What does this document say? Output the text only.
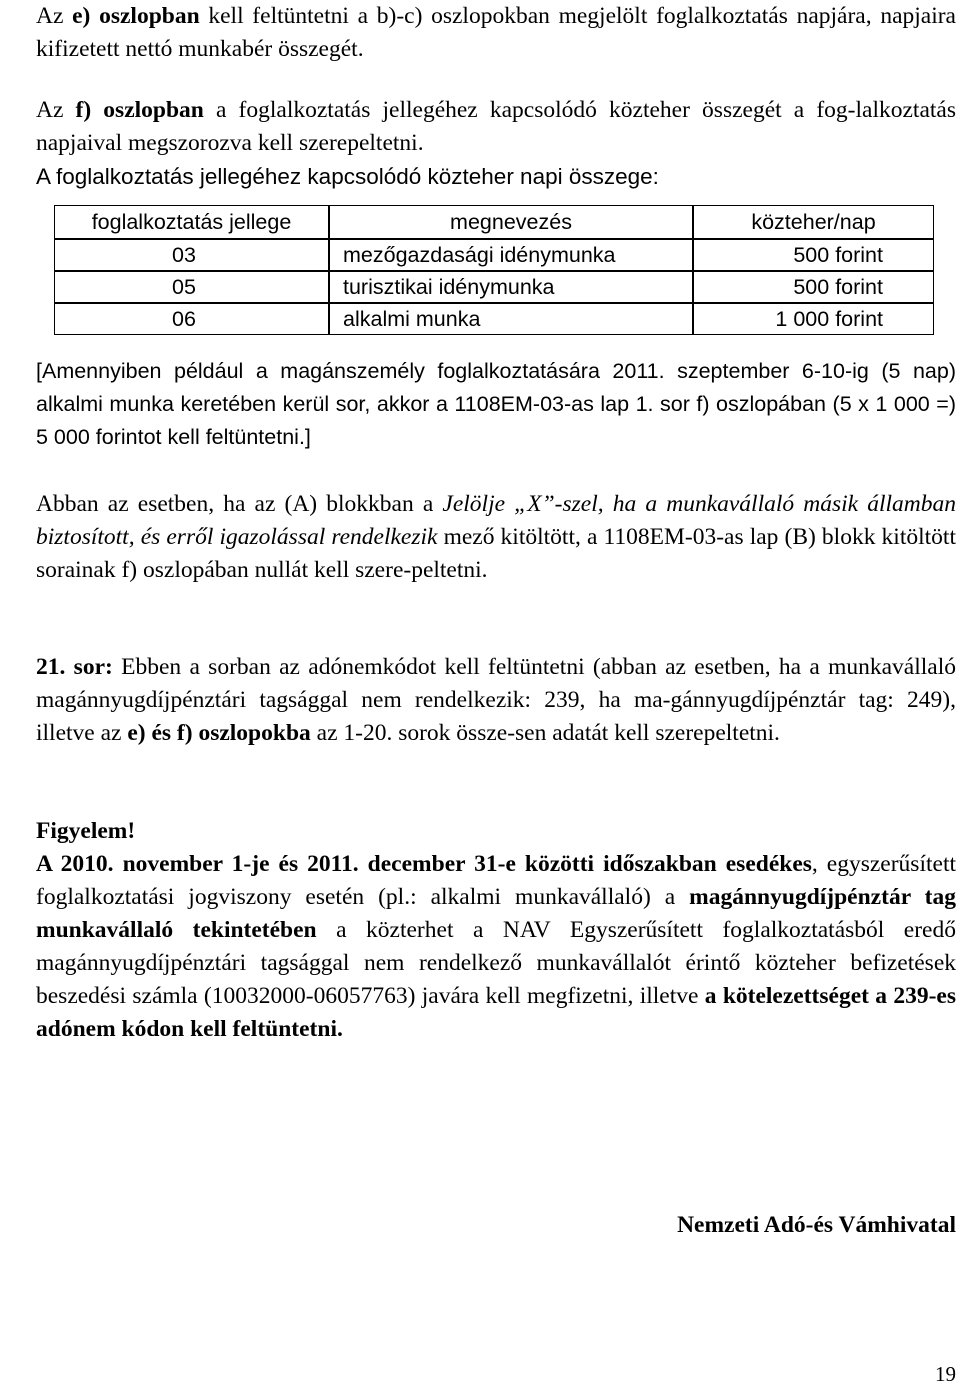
Az e) oszlopban kell feltüntetni a b)-c) oszlopokban megjelölt foglalkoztatás napjára, napjaira kifizetett nettó munkabér összegét.

Az f) oszlopban a foglalkoztatás jellegéhez kapcsolódó közteher összegét a fog-lalkoztatás napjaival megszorozva kell szerepeltetni.

A foglalkoztatás jellegéhez kapcsolódó közteher napi összege:

foglalkoztatás jellege	megnevezés	közteher/nap
03	mezőgazdasági idénymunka	500 forint
05	turisztikai idénymunka	500 forint
06	alkalmi munka	1 000 forint

[Amennyiben például a magánszemély foglalkoztatására 2011. szeptember 6-10-ig (5 nap) alkalmi munka keretében kerül sor, akkor a 1108EM-03-as lap 1. sor f) oszlopában (5 x 1 000 =) 5 000 forintot kell feltüntetni.]

Abban az esetben, ha az (A) blokkban a Jelölje „X”-szel, ha a munkavállaló másik államban biztosított, és erről igazolással rendelkezik mező kitöltött, a 1108EM-03-as lap (B) blokk kitöltött sorainak f) oszlopában nullát kell szere-peltetni.

21. sor: Ebben a sorban az adónemkódot kell feltüntetni (abban az esetben, ha a munkavállaló magánnyugdíjpénztári tagsággal nem rendelkezik: 239, ha ma-gánnyugdíjpénztár tag: 249), illetve az e) és f) oszlopokba az 1-20. sorok össze-sen adatát kell szerepeltetni.

Figyelem!

A 2010. november 1-je és 2011. december 31-e közötti időszakban esedékes, egyszerűsített foglalkoztatási jogviszony esetén (pl.: alkalmi munkavállaló) a magánnyugdíjpénztár tag munkavállaló tekintetében a közterhet a NAV Egyszerűsített foglalkoztatásból eredő magánnyugdíjpénztári tagsággal nem rendelkező munkavállalót érintő közteher befizetések beszedési számla (10032000-06057763) javára kell megfizetni, illetve a kötelezettséget a 239-es adónem kódon kell feltüntetni.

Nemzeti Adó-és Vámhivatal
19
